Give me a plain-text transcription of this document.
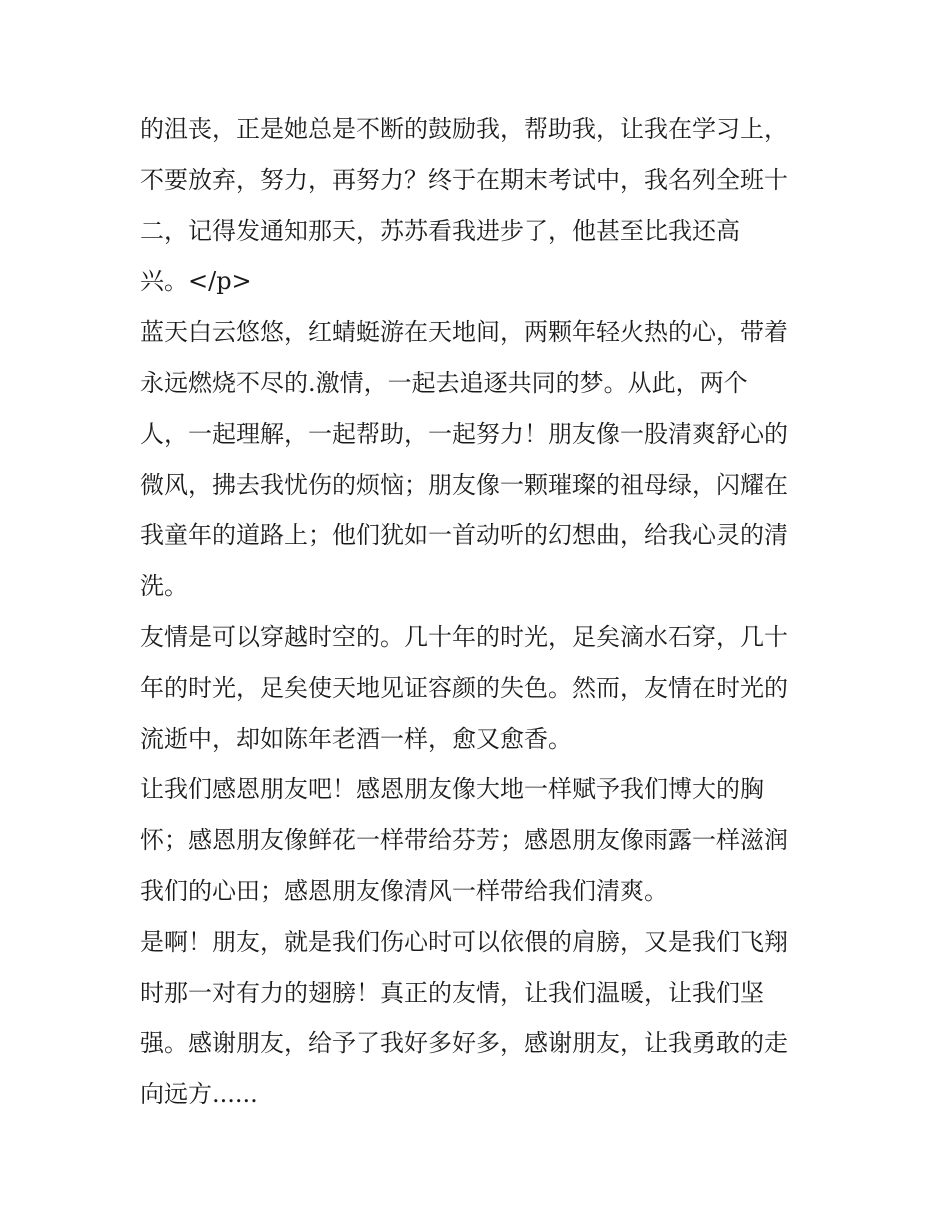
的沮丧，正是她总是不断的鼓励我，帮助我，让我在学习上，
不要放弃，努力，再努力？终于在期末考试中，我名列全班十
二，记得发通知那天，苏苏看我进步了，他甚至比我还高
兴。</p>
蓝天白云悠悠，红蜻蜓游在天地间，两颗年轻火热的心，带着
永远燃烧不尽的.激情，一起去追逐共同的梦。从此，两个
人，一起理解，一起帮助，一起努力！朋友像一股清爽舒心的
微风，拂去我忧伤的烦恼；朋友像一颗璀璨的祖母绿，闪耀在
我童年的道路上；他们犹如一首动听的幻想曲，给我心灵的清
洗。
友情是可以穿越时空的。几十年的时光，足矣滴水石穿，几十
年的时光，足矣使天地见证容颜的失色。然而，友情在时光的
流逝中，却如陈年老酒一样，愈又愈香。
让我们感恩朋友吧！感恩朋友像大地一样赋予我们博大的胸
怀；感恩朋友像鲜花一样带给芬芳；感恩朋友像雨露一样滋润
我们的心田；感恩朋友像清风一样带给我们清爽。
是啊！朋友，就是我们伤心时可以依偎的肩膀，又是我们飞翔
时那一对有力的翅膀！真正的友情，让我们温暖，让我们坚
强。感谢朋友，给予了我好多好多，感谢朋友，让我勇敢的走
向远方......
